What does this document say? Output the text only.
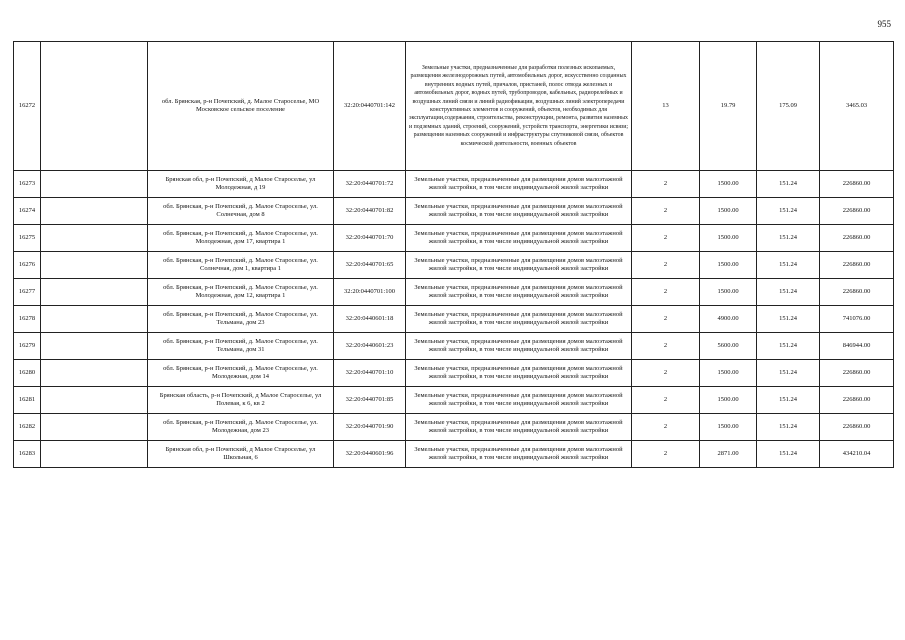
955
16272		обл. Брянская, р-н Почепский, д. Малое Староселье, МО Московское сельское поселение	32:20:0440701:142	Земельные участки, предназначенные для разработки полезных ископаемых, размещения железнодорожных путей, автомобильных дорог, искусственно созданных внутренних водных путей, причалов, пристаней, полос отвода железных и автомобильных дорог, водных путей, трубопроводов, кабельных, радиорелейных и воздушных линий связи и линий радиофикации, воздушных линий электропередачи конструктивных элементов и сооружений, объектов, необходимых для эксплуатации,содержания, строительства, реконструкции, ремонта, развития наземных и подземных зданий, строений, сооружений, устройств транспорта, энергетики исвязи; размещения наземных сооружений и инфраструктуры спутниковой связи, объектов космической деятельности, военных объектов	13	19.79	175.09	3465.03
16273		Брянская обл, р-н Почепский, д Малое Староселье, ул Молодежная, д 19	32:20:0440701:72	Земельные участки, предназначенные для размещения домов малоэтажной жилой застройки, в том числе индивидуальной жилой застройки	2	1500.00	151.24	226860.00
16274		обл. Брянская, р-н Почепский, д. Малое Староселье, ул. Солнечная, дом 8	32:20:0440701:82	Земельные участки, предназначенные для размещения домов малоэтажной жилой застройки, в том числе индивидуальной жилой застройки	2	1500.00	151.24	226860.00
16275		обл. Брянская, р-н Почепский, д. Малое Староселье, ул. Молодежная, дом 17, квартира 1	32:20:0440701:70	Земельные участки, предназначенные для размещения домов малоэтажной жилой застройки, в том числе индивидуальной жилой застройки	2	1500.00	151.24	226860.00
16276		обл. Брянская, р-н Почепский, д. Малое Староселье, ул. Солнечная, дом 1, квартира 1	32:20:0440701:65	Земельные участки, предназначенные для размещения домов малоэтажной жилой застройки, в том числе индивидуальной жилой застройки	2	1500.00	151.24	226860.00
16277		обл. Брянская, р-н Почепский, д. Малое Староселье, ул. Молодежная, дом 12, квартира 1	32:20:0440701:100	Земельные участки, предназначенные для размещения домов малоэтажной жилой застройки, в том числе индивидуальной жилой застройки	2	1500.00	151.24	226860.00
16278		обл. Брянская, р-н Почепский, д. Малое Староселье, ул. Тельмана, дом 23	32:20:0440601:18	Земельные участки, предназначенные для размещения домов малоэтажной жилой застройки, в том числе индивидуальной жилой застройки	2	4900.00	151.24	741076.00
16279		обл. Брянская, р-н Почепский, д. Малое Староселье, ул. Тельмана, дом 31	32:20:0440601:23	Земельные участки, предназначенные для размещения домов малоэтажной жилой застройки, в том числе индивидуальной жилой застройки	2	5600.00	151.24	846944.00
16280		обл. Брянская, р-н Почепский, д. Малое Староселье, ул. Молодежная, дом 14	32:20:0440701:10	Земельные участки, предназначенные для размещения домов малоэтажной жилой застройки, в том числе индивидуальной жилой застройки	2	1500.00	151.24	226860.00
16281		Брянская область, р-н Почепский, д Малое Староселье, ул Полевая, к 6, кв 2	32:20:0440701:85	Земельные участки, предназначенные для размещения домов малоэтажной жилой застройки, в том числе индивидуальной жилой застройки	2	1500.00	151.24	226860.00
16282		обл. Брянская, р-н Почепский, д. Малое Староселье, ул. Молодежная, дом 23	32:20:0440701:90	Земельные участки, предназначенные для размещения домов малоэтажной жилой застройки, в том числе индивидуальной жилой застройки	2	1500.00	151.24	226860.00
16283		Брянская обл, р-н Почепский, д Малое Староселье, ул Школьная, 6	32:20:0440601:96	Земельные участки, предназначенные для размещения домов малоэтажной жилой застройки, в том числе индивидуальной жилой застройки	2	2871.00	151.24	434210.04
